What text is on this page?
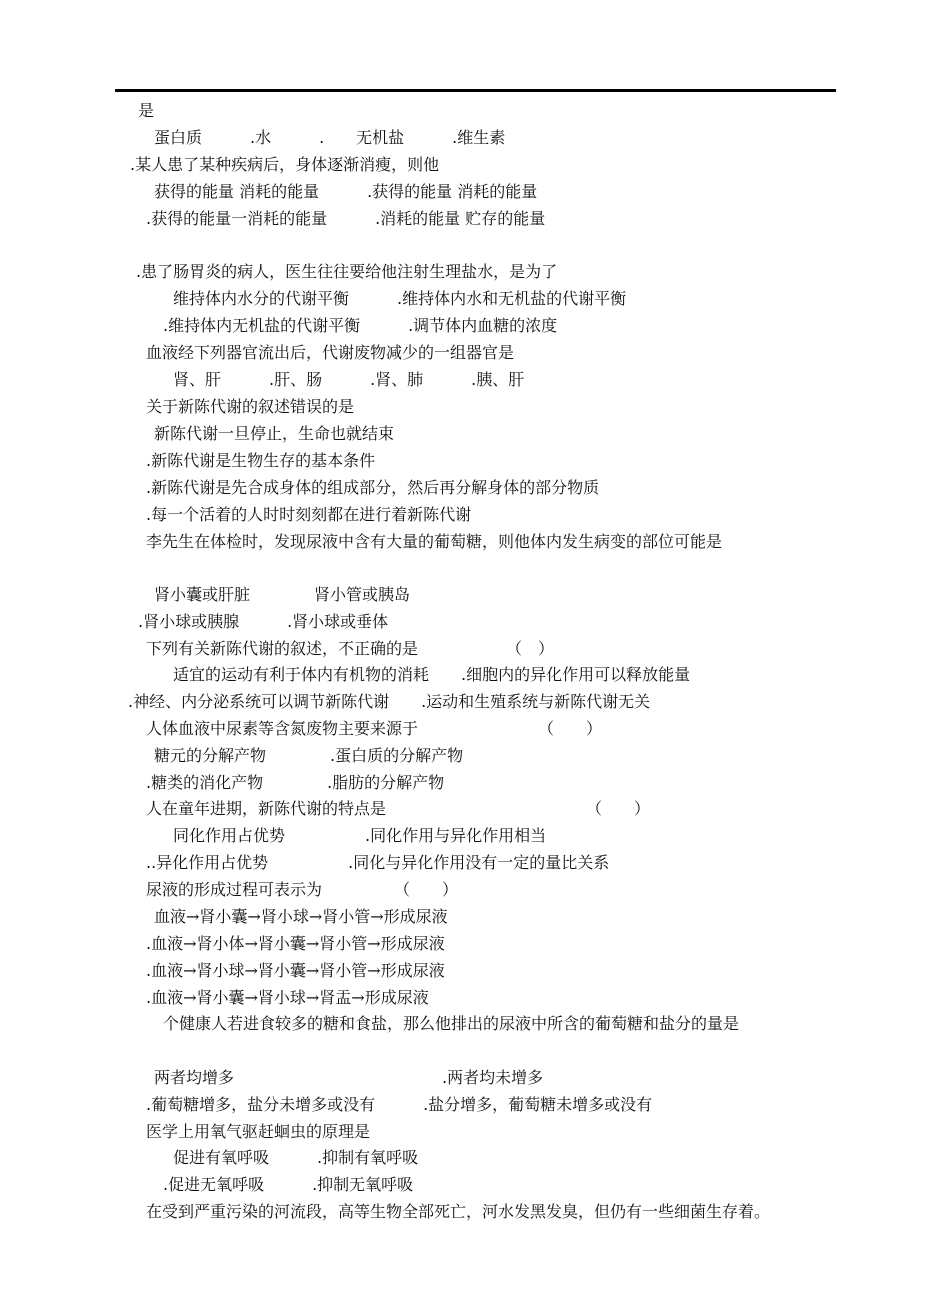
是
蛋白质　　　.水　　　.　　无机盐　　　.维生素
.某人患了某种疾病后，身体逐渐消瘦，则他
获得的能量 消耗的能量　　　.获得的能量 消耗的能量
.获得的能量一消耗的能量　　　.消耗的能量 贮存的能量
.患了肠胃炎的病人，医生往往要给他注射生理盐水，是为了
维持体内水分的代谢平衡　　　.维持体内水和无机盐的代谢平衡
.维持体内无机盐的代谢平衡　　　.调节体内血糖的浓度
血液经下列器官流出后，代谢废物减少的一组器官是
肾、肝　　　.肝、肠　　　.肾、肺　　　.胰、肝
关于新陈代谢的叙述错误的是
新陈代谢一旦停止，生命也就结束
.新陈代谢是生物生存的基本条件
.新陈代谢是先合成身体的组成部分，然后再分解身体的部分物质
.每一个活着的人时时刻刻都在进行着新陈代谢
李先生在体检时，发现尿液中含有大量的葡萄糖，则他体内发生病变的部位可能是
肾小囊或肝脏　　　　肾小管或胰岛
.肾小球或胰腺　　　.肾小球或垂体
下列有关新陈代谢的叙述，不正确的是　　　　　　（　）
适宜的运动有利于体内有机物的消耗　　.细胞内的异化作用可以释放能量
.神经、内分泌系统可以调节新陈代谢　　.运动和生殖系统与新陈代谢无关
人体血液中尿素等含氮废物主要来源于　　　　　　　　（　　）
糖元的分解产物　　　　.蛋白质的分解产物
.糖类的消化产物　　　　.脂肪的分解产物
人在童年进期，新陈代谢的特点是　　　　　　　　　　　　　（　　）
同化作用占优势　　　　　.同化作用与异化作用相当
..异化作用占优势　　　　　.同化与异化作用没有一定的量比关系
尿液的形成过程可表示为　　　　　（　　）
血液→肾小囊→肾小球→肾小管→形成尿液
.血液→肾小体→肾小囊→肾小管→形成尿液
.血液→肾小球→肾小囊→肾小管→形成尿液
.血液→肾小囊→肾小球→肾盂→形成尿液
个健康人若进食较多的糖和食盐，那么他排出的尿液中所含的葡萄糖和盐分的量是
两者均增多　　　　　　　　　　　　　.两者均未增多
.葡萄糖增多，盐分未增多或没有　　　.盐分增多，葡萄糖未增多或没有
医学上用氧气驱赶蛔虫的原理是
促进有氧呼吸　　　.抑制有氧呼吸
.促进无氧呼吸　　　.抑制无氧呼吸
在受到严重污染的河流段，高等生物全部死亡，河水发黑发臭，但仍有一些细菌生存着。
